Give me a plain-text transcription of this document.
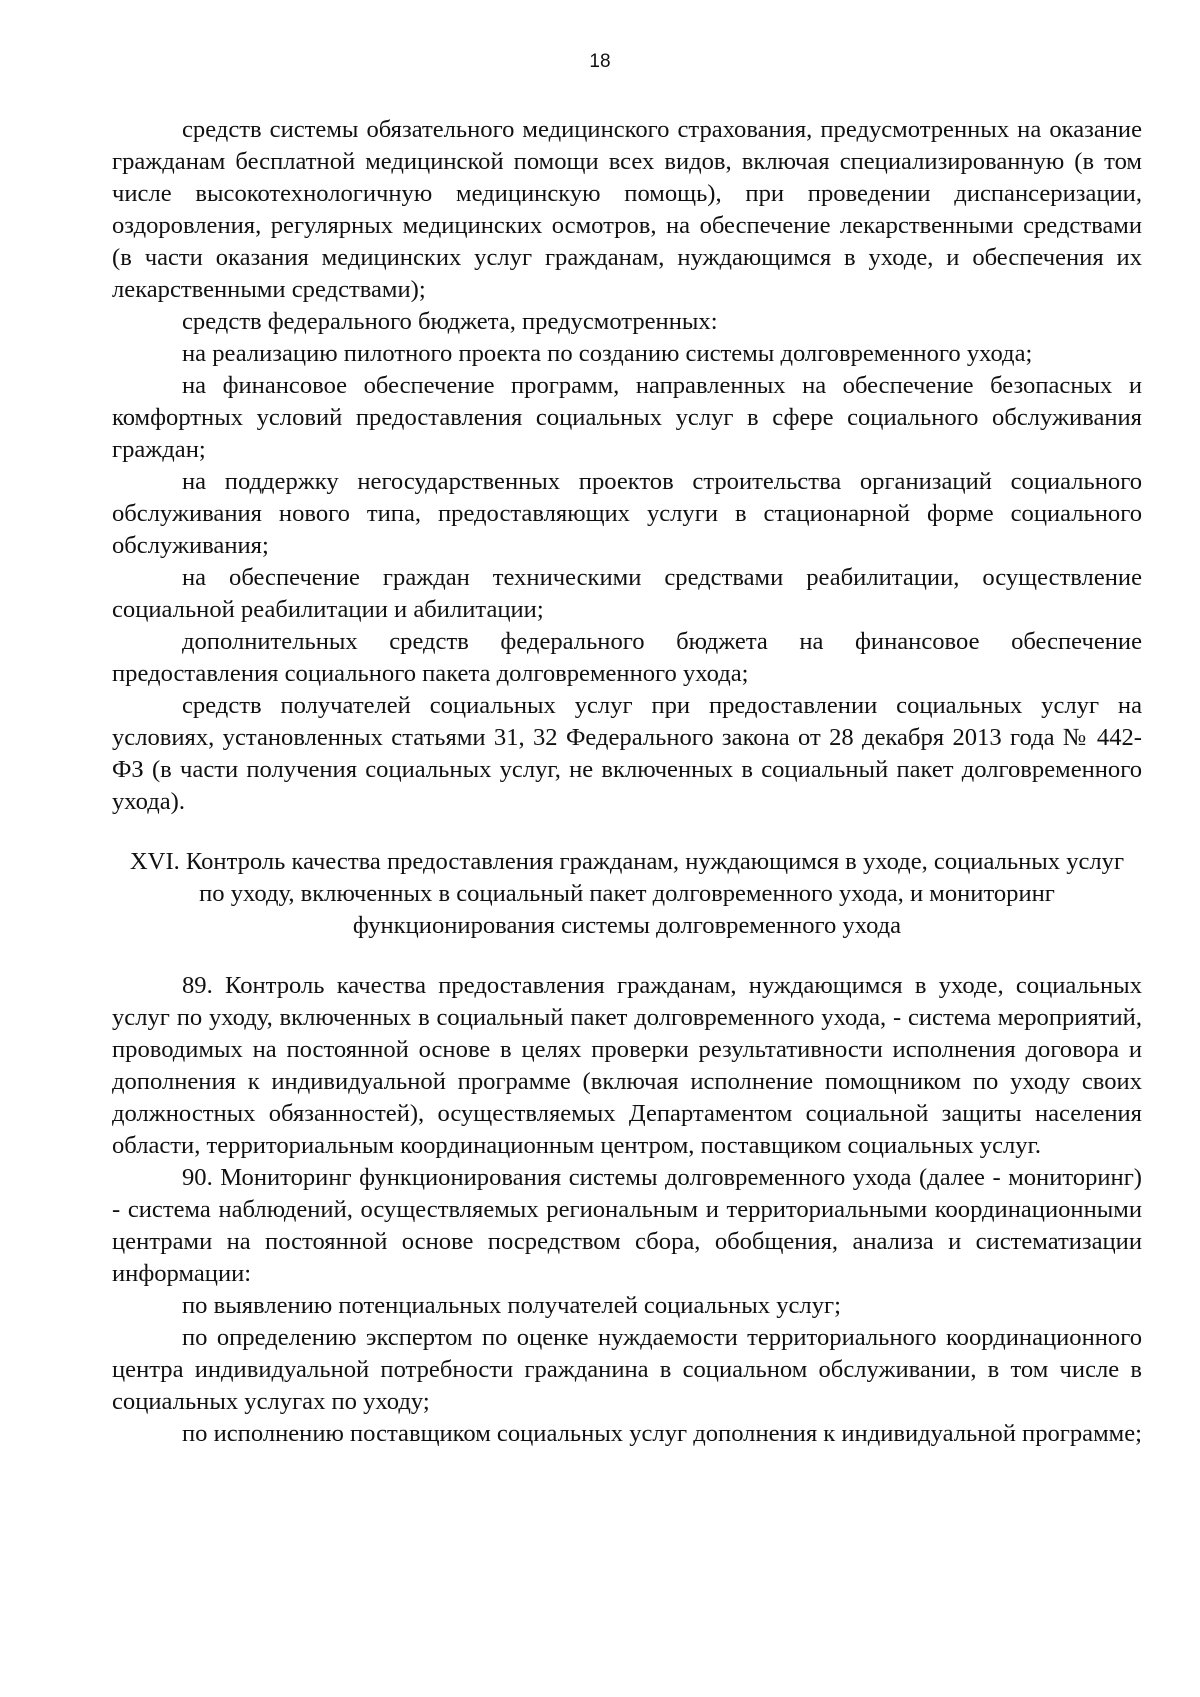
18

средств системы обязательного медицинского страхования, предусмотренных на оказание гражданам бесплатной медицинской помощи всех видов, включая специализированную (в том числе высокотехнологичную медицинскую помощь), при проведении диспансеризации, оздоровления, регулярных медицинских осмотров, на обеспечение лекарственными средствами (в части оказания медицинских услуг гражданам, нуждающимся в уходе, и обеспечения их лекарственными средствами);

средств федерального бюджета, предусмотренных:

на реализацию пилотного проекта по созданию системы долговременного ухода;

на финансовое обеспечение программ, направленных на обеспечение безопасных и комфортных условий предоставления социальных услуг в сфере социального обслуживания граждан;

на поддержку негосударственных проектов строительства организаций социального обслуживания нового типа, предоставляющих услуги в стационарной форме социального обслуживания;

на обеспечение граждан техническими средствами реабилитации, осуществление социальной реабилитации и абилитации;

дополнительных средств федерального бюджета на финансовое обеспечение предоставления социального пакета долговременного ухода;

средств получателей социальных услуг при предоставлении социальных услуг на условиях, установленных статьями 31, 32 Федерального закона от 28 декабря 2013 года № 442-ФЗ (в части получения социальных услуг, не включенных в социальный пакет долговременного ухода).

XVI. Контроль качества предоставления гражданам, нуждающимся в уходе, социальных услуг по уходу, включенных в социальный пакет долговременного ухода, и мониторинг функционирования системы долговременного ухода

89. Контроль качества предоставления гражданам, нуждающимся в уходе, социальных услуг по уходу, включенных в социальный пакет долговременного ухода, - система мероприятий, проводимых на постоянной основе в целях проверки результативности исполнения договора и дополнения к индивидуальной программе (включая исполнение помощником по уходу своих должностных обязанностей), осуществляемых Департаментом социальной защиты населения области, территориальным координационным центром, поставщиком социальных услуг.

90. Мониторинг функционирования системы долговременного ухода (далее - мониторинг) - система наблюдений, осуществляемых региональным и территориальными координационными центрами на постоянной основе посредством сбора, обобщения, анализа и систематизации информации:

по выявлению потенциальных получателей социальных услуг;

по определению экспертом по оценке нуждаемости территориального координационного центра индивидуальной потребности гражданина в социальном обслуживании, в том числе в социальных услугах по уходу;

по исполнению поставщиком социальных услуг дополнения к индивидуальной программе;
